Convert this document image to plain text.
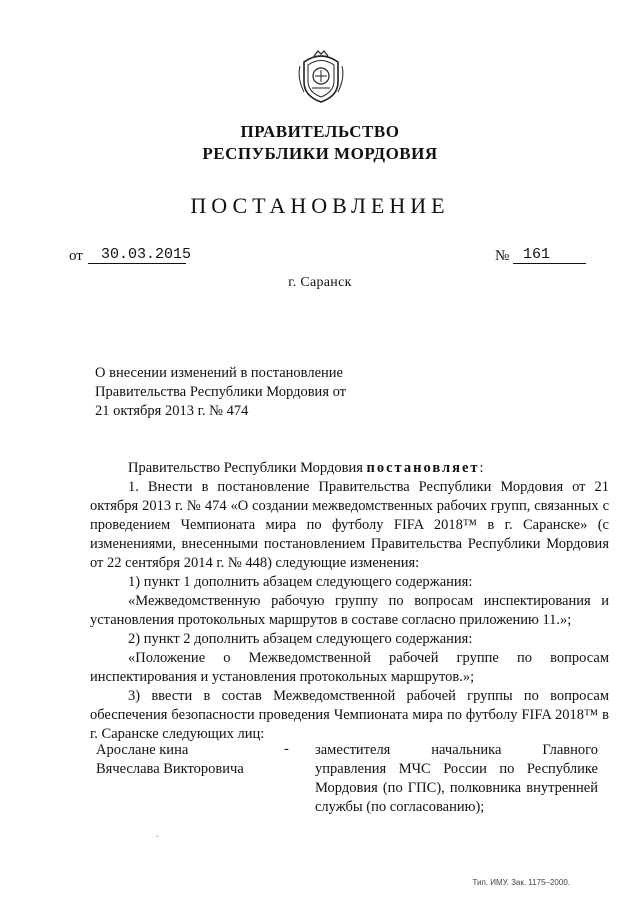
ПРАВИТЕЛЬСТВО
РЕСПУБЛИКИ МОРДОВИЯ
ПОСТАНОВЛЕНИЕ
от	30.03.2015	№ 161
г. Саранск
О внесении изменений в постановление
Правительства Республики Мордовия от
21 октября 2013 г. № 474

Правительство Республики Мордовия постановляет:

1. Внести в постановление Правительства Республики Мордовия от 21 октября 2013 г. № 474 «О создании межведомственных рабочих групп, связанных с проведением Чемпионата мира по футболу FIFA 2018™ в г. Саранске» (с изменениями, внесенными постановлением Правительства Республики Мордовия от 22 сентября 2014 г. № 448) следующие изменения:

1) пункт 1 дополнить абзацем следующего содержания:

«Межведомственную рабочую группу по вопросам инспектирования и установления протокольных маршрутов в составе согласно приложению 11.»;

2) пункт 2 дополнить абзацем следующего содержания:

«Положение о Межведомственной рабочей группе по вопросам инспектирования и установления протокольных маршрутов.»;

3) ввести в состав Межведомственной рабочей группы по вопросам обеспечения безопасности проведения Чемпионата мира по футболу FIFA 2018™ в г. Саранске следующих лиц:

Арослане кина
Вячеслава Викторовича
- заместителя начальника Главного управления МЧС России по Республике Мордовия (по ГПС), полковника внутренней службы (по согласованию);
.
Тип. ИМУ. Зак. 1175–2000.
